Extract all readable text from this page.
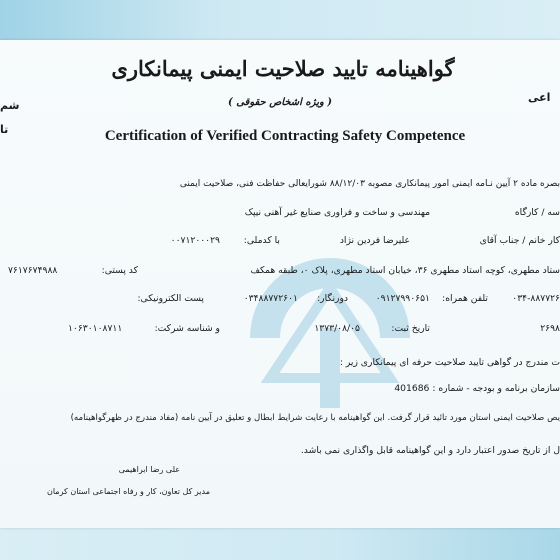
شم
تا
اعی
گواهینامه تایید صلاحیت ایمنی پیمانکاری
( ویژه اشخاص حقوقی )
Certification of Verified Contracting Safety Competence
بصره ماده ۲ آیین نـامه ایمنی امور پیمانکاری مصوبه ۸۸/۱۲/۰۳ شورایعالی حفاظت فنی، صلاحیت ایمنی
سه / کارگاه
مهندسی و ساخت و فراوری صنایع غیر آهنی نیپک
کار خانم / جناب آقای
علیرضا فردین نژاد
با کدملی:
۰۰۷۱۲۰۰۰۲۹
ستاد مطهری، کوچه استاد مطهری ۳۶، خیابان استاد مطهری، پلاک ۰، طبقه همکف
کد پستی:
۷۶۱۷۶۷۴۹۸۸
۰۳۴-۸۸۷۷۲۶
تلفن همراه:
۰۹۱۲۷۹۹۰۶۵۱
دورنگار:
۰۳۴۸۸۷۷۲۶۰۱
پست الکترونیکی:
۲۶۹۸
تاریخ ثبت:
۱۳۷۳/۰۸/۰۵
و شناسه شرکت:
۱۰۶۳۰۱۰۸۷۱۱
ت مندرج در گواهی تایید صلاحیت حرفه ای پیمانکاری زیر :
سازمان برنامه و بودجه - شماره : 401686
یص صلاحیت ایمنی استان مورد تائید قرار گرفت. این گواهینامه با رعایت شرایط ابطال و تعلیق در آیین نامه (مفاد مندرج در ظهرگواهینامه)
ل از تاریخ صدور اعتبار دارد و این گواهینامه قابل واگذاری نمی باشد.
علی رضا ابراهیمی
مدیر کل تعاون، کار و رفاه اجتماعی استان کرمان
